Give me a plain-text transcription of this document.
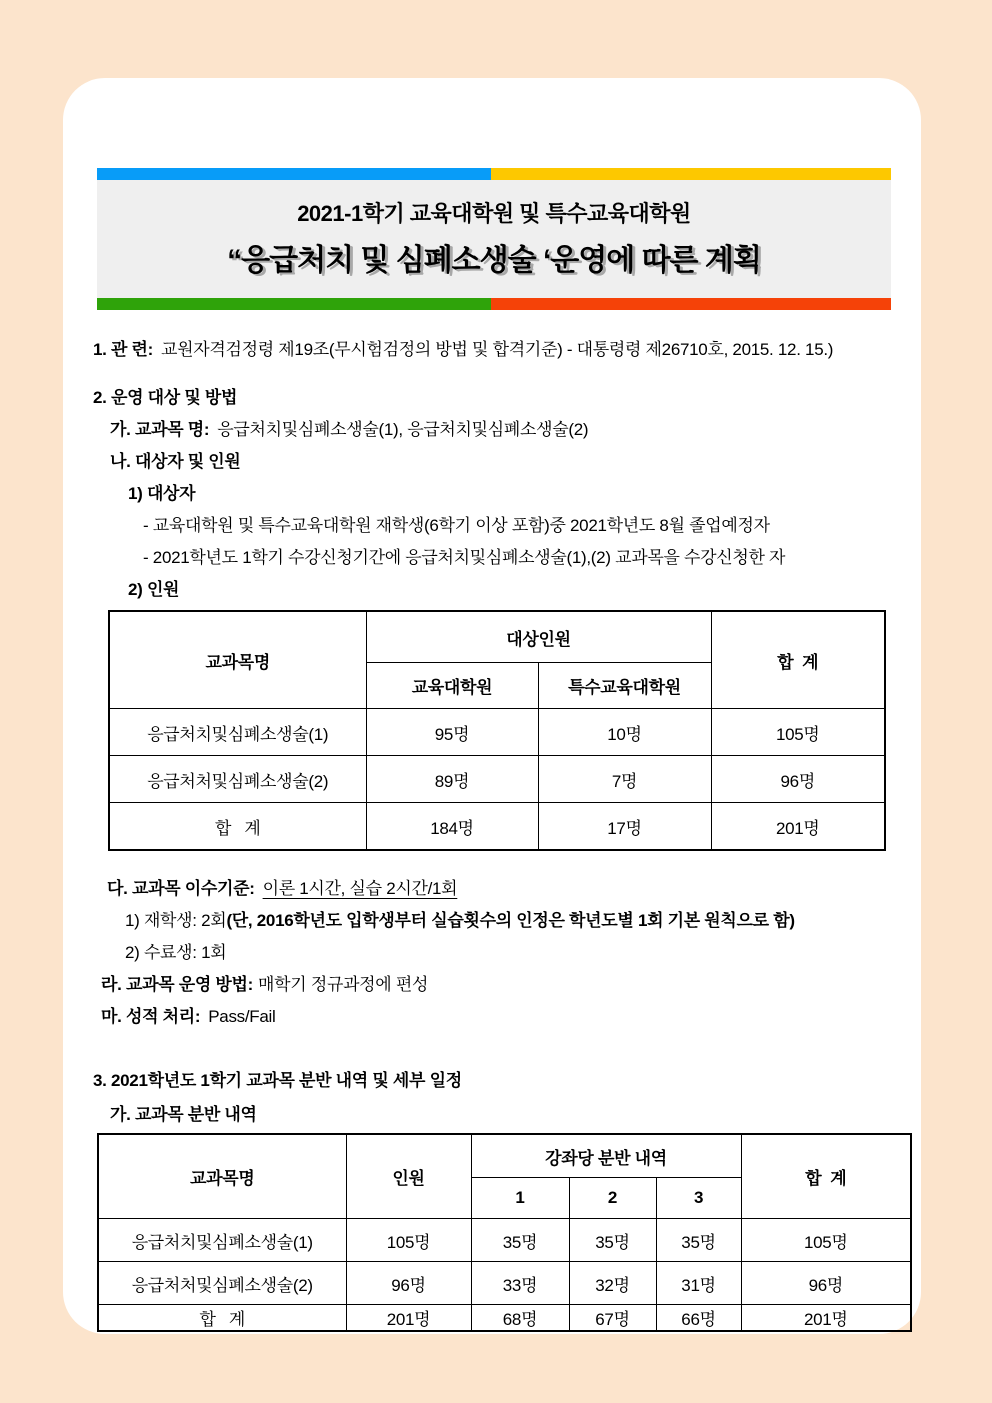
2021-1학기 교육대학원 및 특수교육대학원
“응급처치 및 심폐소생술 ‘운영에 따른 계획
1. 관 련: 교원자격검정령 제19조(무시험검정의 방법 및 합격기준) - 대통령령 제26710호, 2015. 12. 15.)
2. 운영 대상 및 방법
가. 교과목 명: 응급처치및심폐소생술(1), 응급처치및심폐소생술(2)
나. 대상자 및 인원
1) 대상자
- 교육대학원 및 특수교육대학원 재학생(6학기 이상 포함)중 2021학년도 8월 졸업예정자
- 2021학년도 1학기 수강신청기간에 응급처치및심폐소생술(1),(2) 교과목을 수강신청한 자
2) 인원
교과목명	대상인원		합  계
	교육대학원	특수교육대학원	
응급처치및심폐소생술(1)	95명	10명	105명
응급처처및심폐소생술(2)	89명	7명	96명
합   계	184명	17명	201명
다. 교과목 이수기준: 이론 1시간, 실습 2시간/1회
1) 재학생: 2회(단, 2016학년도 입학생부터 실습횟수의 인정은 학년도별 1회 기본 원칙으로 함)
2) 수료생: 1회
라. 교과목 운영 방법: 매학기 정규과정에 편성
마. 성적 처리: Pass/Fail
3. 2021학년도 1학기 교과목 분반 내역 및 세부 일정
가. 교과목 분반 내역
교과목명	인원	강좌당 분반 내역			합  계
		1	2	3	
응급처치및심폐소생술(1)	105명	35명	35명	35명	105명
응급처처및심폐소생술(2)	96명	33명	32명	31명	96명
합   계	201명	68명	67명	66명	201명
